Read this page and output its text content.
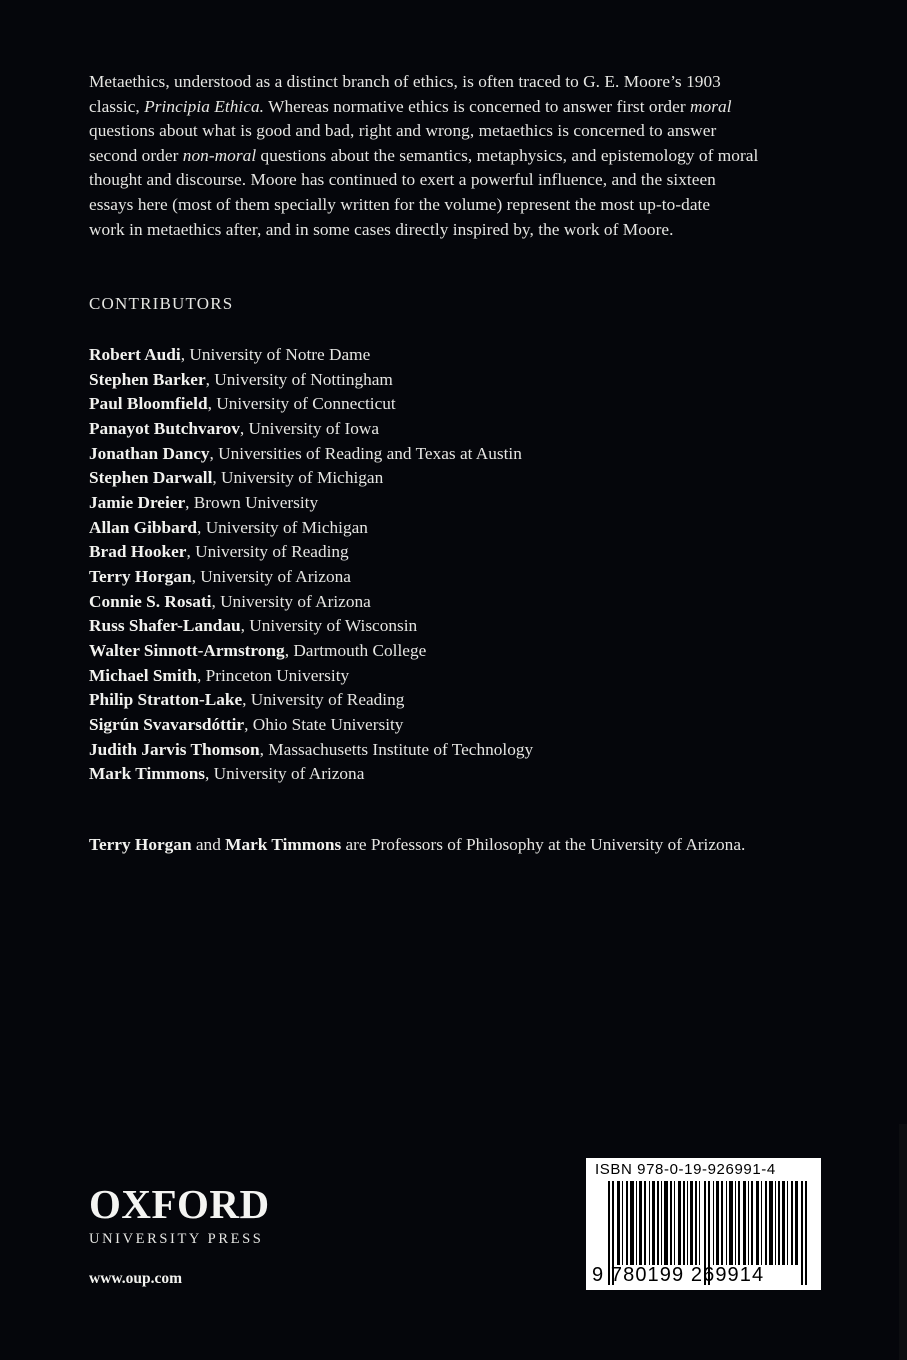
Metaethics, understood as a distinct branch of ethics, is often traced to G. E. Moore’s 1903
classic, Principia Ethica. Whereas normative ethics is concerned to answer first order moral
questions about what is good and bad, right and wrong, metaethics is concerned to answer
second order non-moral questions about the semantics, metaphysics, and epistemology of moral
thought and discourse. Moore has continued to exert a powerful influence, and the sixteen
essays here (most of them specially written for the volume) represent the most up-to-date
work in metaethics after, and in some cases directly inspired by, the work of Moore.
CONTRIBUTORS
Robert Audi, University of Notre Dame
Stephen Barker, University of Nottingham
Paul Bloomfield, University of Connecticut
Panayot Butchvarov, University of Iowa
Jonathan Dancy, Universities of Reading and Texas at Austin
Stephen Darwall, University of Michigan
Jamie Dreier, Brown University
Allan Gibbard, University of Michigan
Brad Hooker, University of Reading
Terry Horgan, University of Arizona
Connie S. Rosati, University of Arizona
Russ Shafer-Landau, University of Wisconsin
Walter Sinnott-Armstrong, Dartmouth College
Michael Smith, Princeton University
Philip Stratton-Lake, University of Reading
Sigrún Svavarsdóttir, Ohio State University
Judith Jarvis Thomson, Massachusetts Institute of Technology
Mark Timmons, University of Arizona
Terry Horgan and Mark Timmons are Professors of Philosophy at the University of Arizona.
OXFORD
UNIVERSITY PRESS
www.oup.com
ISBN 978-0-19-926991-4
9 780199 269914
